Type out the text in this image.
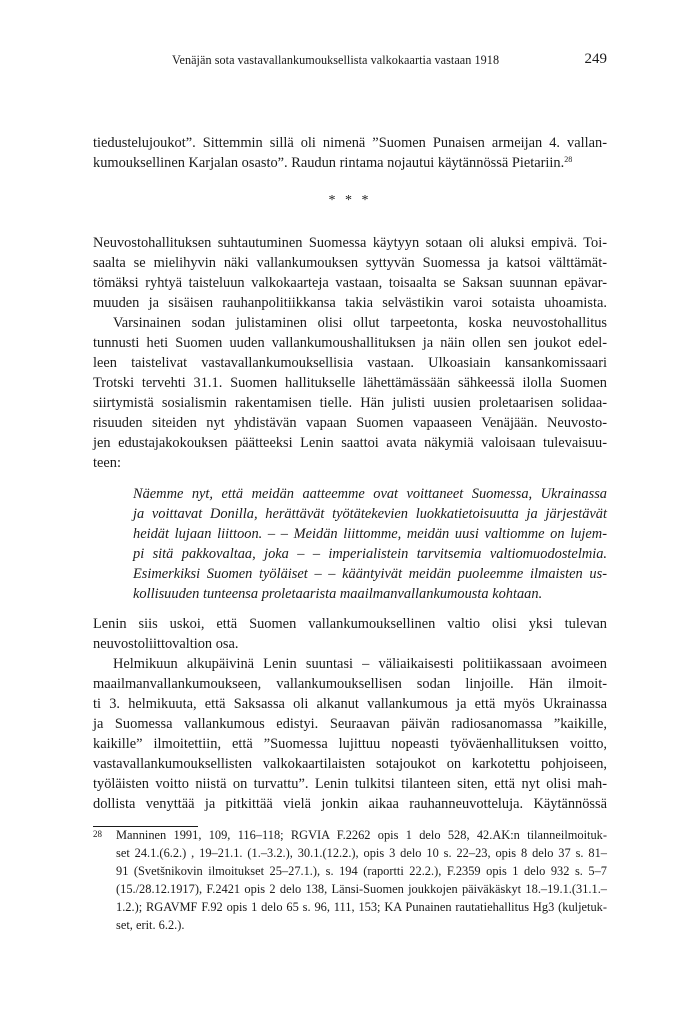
Venäjän sota vastavallankumouksellista valkokaartia vastaan 1918	249
tiedustelujoukot”. Sittemmin sillä oli nimenä ”Suomen Punaisen armeijan 4. vallan-
kumouksellinen Karjalan osasto”. Raudun rintama nojautui käytännössä Pietariin.$^{28}$
* * *
Neuvostohallituksen suhtautuminen Suomessa käytyyn sotaan oli aluksi empivä. Toi-
saalta se mielihyvin näki vallankumouksen syttyvän Suomessa ja katsoi välttämät-
tömäksi ryhtyä taisteluun valkokaarteja vastaan, toisaalta se Saksan suunnan epävar-
muuden ja sisäisen rauhanpolitiikkansa takia selvästikin varoi sotaista uhoamista.
Varsinainen sodan julistaminen olisi ollut tarpeetonta, koska neuvostohallitus
tunnusti heti Suomen uuden vallankumoushallituksen ja näin ollen sen joukot edel-
leen taistelivat vastavallankumouksellisia vastaan. Ulkoasiain kansankomissaari
Trotski tervehti 31.1. Suomen hallitukselle lähettämässään sähkeessä ilolla Suomen
siirtymistä sosialismin rakentamisen tielle. Hän julisti uusien proletaarisen solidaa-
risuuden siteiden nyt yhdistävän vapaan Suomen vapaaseen Venäjään. Neuvosto-
jen edustajakokouksen päätteeksi Lenin saattoi avata näkymiä valoisaan tulevaisuu-
teen:
Näemme nyt, että meidän aatteemme ovat voittaneet Suomessa, Ukrainassa
ja voittavat Donilla, herättävät työtätekevien luokkatietoisuutta ja järjestävät
heidät lujaan liittoon. – – Meidän liittomme, meidän uusi valtiomme on lujem-
pi sitä pakkovaltaa, joka – – imperialistein tarvitsemia valtiomuodostelmia.
Esimerkiksi Suomen työläiset – – kääntyivät meidän puoleemme ilmaisten us-
kollisuuden tunteensa proletaarista maailmanvallankumousta kohtaan.
Lenin siis uskoi, että Suomen vallankumouksellinen valtio olisi yksi tulevan
neuvostoliittovaltion osa.
Helmikuun alkupäivinä Lenin suuntasi – väliaikaisesti politiikassaan avoimeen
maailmanvallankumoukseen, vallankumouksellisen sodan linjoille. Hän ilmoit-
ti 3. helmikuuta, että Saksassa oli alkanut vallankumous ja että myös Ukrainassa
ja Suomessa vallankumous edistyi. Seuraavan päivän radiosanomassa ”kaikille,
kaikille” ilmoitettiin, että ”Suomessa lujittuu nopeasti työväenhallituksen voitto,
vastavallankumouksellisten valkokaartilaisten sotajoukot on karkotettu pohjoiseen,
työläisten voitto niistä on turvattu”. Lenin tulkitsi tilanteen siten, että nyt olisi mah-
dollista venyttää ja pitkittää vielä jonkin aikaa rauhanneuvotteluja. Käytännössä
28 Manninen 1991, 109, 116–118; RGVIA F.2262 opis 1 delo 528, 42.AK:n tilanneilmoituk-
set 24.1.(6.2.) , 19–21.1. (1.–3.2.), 30.1.(12.2.), opis 3 delo 10 s. 22–23, opis 8 delo 37 s. 81–
91 (Svetšnikovin ilmoitukset 25–27.1.), s. 194 (raportti 22.2.), F.2359 opis 1 delo 932 s. 5–7
(15./28.12.1917), F.2421 opis 2 delo 138, Länsi-Suomen joukkojen päiväkäskyt 18.–19.1.(31.1.–
1.2.); RGAVMF F.92 opis 1 delo 65 s. 96, 111, 153; KA Punainen rautatiehallitus Hg3 (kuljetuk-
set, erit. 6.2.).
